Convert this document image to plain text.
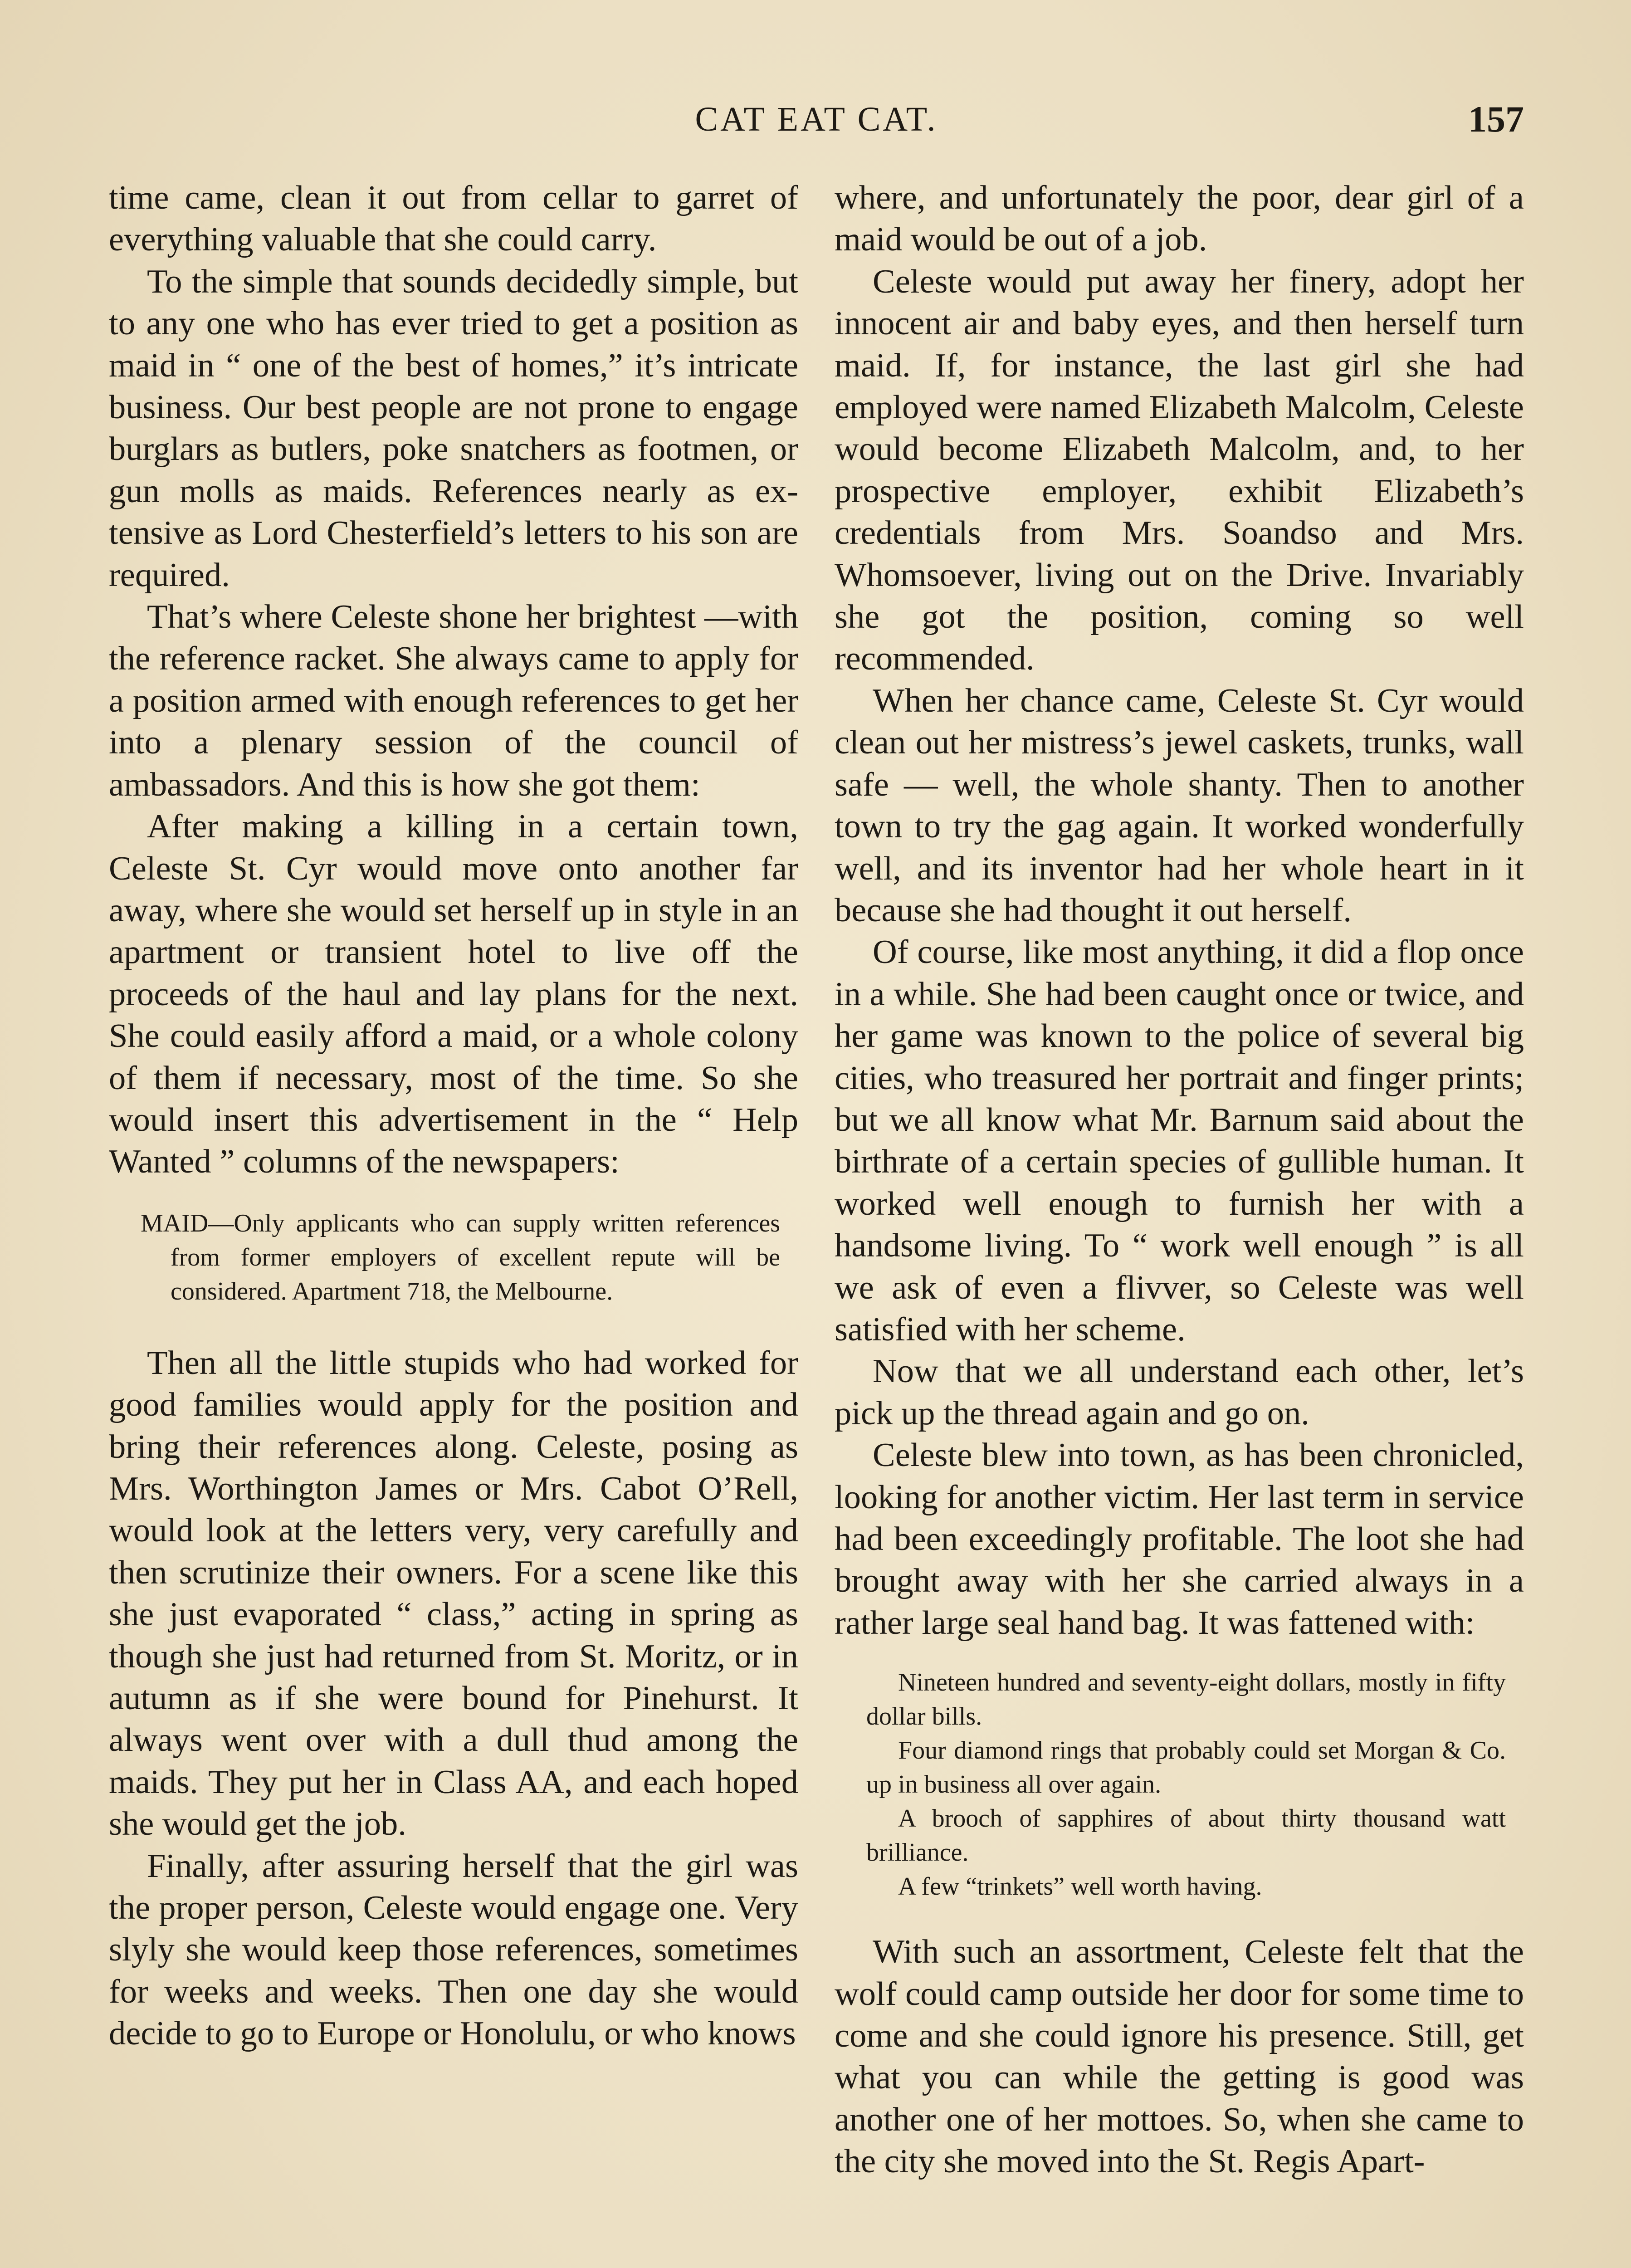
CAT EAT CAT.	157

time came, clean it out from cellar to garret of everything valuable that she could carry.

To the simple that sounds decidedly simple, but to any one who has ever tried to get a position as maid in “ one of the best of homes,” it’s intricate business. Our best people are not prone to engage burglars as butlers, poke snatchers as footmen, or gun molls as maids. References nearly as extensive as Lord Chesterfield’s letters to his son are required.

That’s where Celeste shone her brightest —with the reference racket. She always came to apply for a position armed with enough references to get her into a plenary session of the council of ambassadors. And this is how she got them:

After making a killing in a certain town, Celeste St. Cyr would move onto another far away, where she would set herself up in style in an apartment or transient hotel to live off the proceeds of the haul and lay plans for the next. She could easily afford a maid, or a whole colony of them if necessary, most of the time. So she would insert this advertisement in the “ Help Wanted ” columns of the newspapers:

MAID—Only applicants who can supply written references from former employers of excellent repute will be considered. Apartment 718, the Melbourne.

Then all the little stupids who had worked for good families would apply for the position and bring their references along. Celeste, posing as Mrs. Worthington James or Mrs. Cabot O’Rell, would look at the letters very, very carefully and then scrutinize their owners. For a scene like this she just evaporated “ class,” acting in spring as though she just had returned from St. Moritz, or in autumn as if she were bound for Pinehurst. It always went over with a dull thud among the maids. They put her in Class AA, and each hoped she would get the job.

Finally, after assuring herself that the girl was the proper person, Celeste would engage one. Very slyly she would keep those references, sometimes for weeks and weeks. Then one day she would decide to go to Europe or Honolulu, or who knows

where, and unfortunately the poor, dear girl of a maid would be out of a job.

Celeste would put away her finery, adopt her innocent air and baby eyes, and then herself turn maid. If, for instance, the last girl she had employed were named Elizabeth Malcolm, Celeste would become Elizabeth Malcolm, and, to her prospective employer, exhibit Elizabeth’s credentials from Mrs. Soandso and Mrs. Whomsoever, living out on the Drive. Invariably she got the position, coming so well recommended.

When her chance came, Celeste St. Cyr would clean out her mistress’s jewel caskets, trunks, wall safe — well, the whole shanty. Then to another town to try the gag again. It worked wonderfully well, and its inventor had her whole heart in it because she had thought it out herself.

Of course, like most anything, it did a flop once in a while. She had been caught once or twice, and her game was known to the police of several big cities, who treasured her portrait and finger prints; but we all know what Mr. Barnum said about the birthrate of a certain species of gullible human. It worked well enough to furnish her with a handsome living. To “ work well enough ” is all we ask of even a flivver, so Celeste was well satisfied with her scheme.

Now that we all understand each other, let’s pick up the thread again and go on.

Celeste blew into town, as has been chronicled, looking for another victim. Her last term in service had been exceedingly profitable. The loot she had brought away with her she carried always in a rather large seal hand bag. It was fattened with:

Nineteen hundred and seventy-eight dollars, mostly in fifty dollar bills.

Four diamond rings that probably could set Morgan & Co. up in business all over again.

A brooch of sapphires of about thirty thousand watt brilliance.

A few “trinkets” well worth having.

With such an assortment, Celeste felt that the wolf could camp outside her door for some time to come and she could ignore his presence. Still, get what you can while the getting is good was another one of her mottoes. So, when she came to the city she moved into the St. Regis Apart-
